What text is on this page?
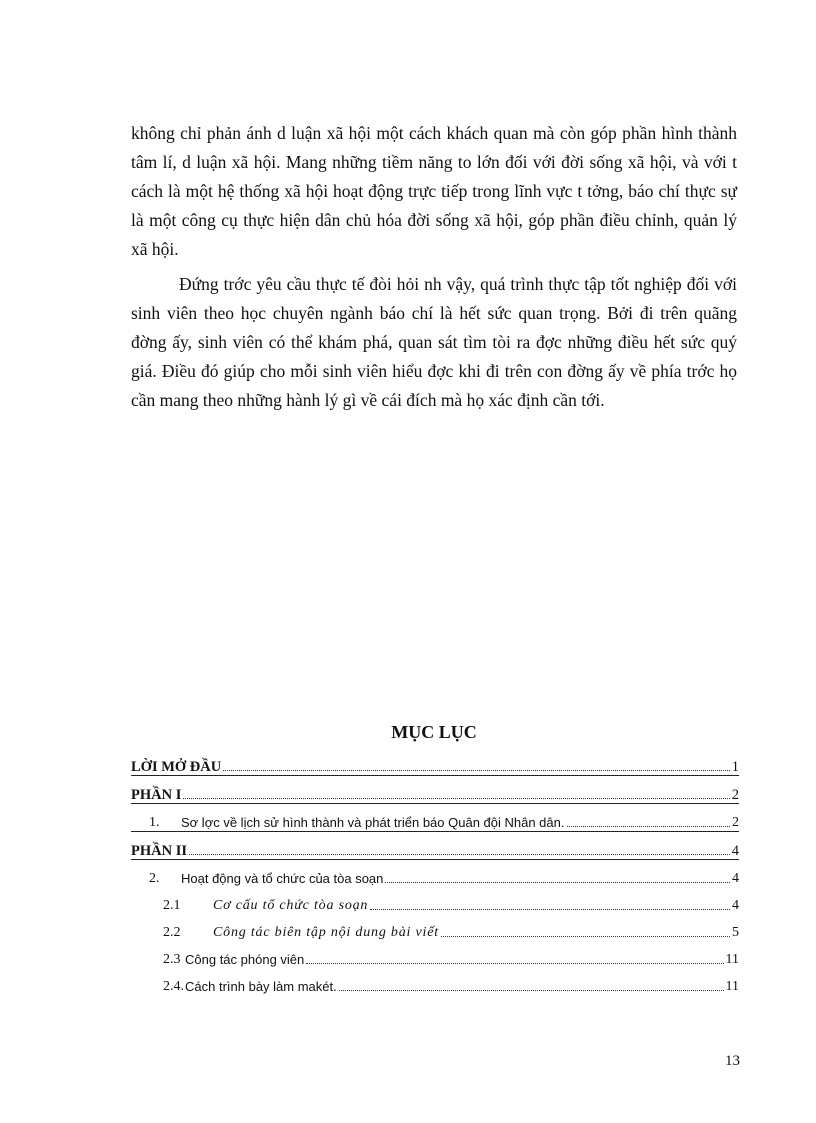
không chỉ phản ánh d luận xã hội một cách khách quan mà còn góp phần hình thành tâm lí, d luận xã hội. Mang những tiềm năng to lớn đối với đời sống xã hội, và với t cách là một hệ thống xã hội hoạt động trực tiếp trong lĩnh vực t tởng, báo chí thực sự là một công cụ thực hiện dân chủ hóa đời sống xã hội, góp phần điều chỉnh, quản lý xã hội.

Đứng trớc yêu cầu thực tế đòi hỏi nh vậy, quá trình thực tập tốt nghiệp đối với sinh viên theo học chuyên ngành báo chí là hết sức quan trọng. Bởi đi trên quãng đờng ấy, sinh viên có thể khám phá, quan sát tìm tòi ra đợc những điều hết sức quý giá. Điều đó giúp cho mỗi sinh viên hiểu đợc khi đi trên con đờng ấy về phía trớc họ cần mang theo những hành lý gì về cái đích mà họ xác định cần tới.

MỤC LỤC
LỜI MỞ ĐẦU	1
PHẦN I	2
1.	Sơ lợc về lịch sử hình thành và phát triển báo Quân đội Nhân dân.	2
PHẦN II	4
2.	Hoạt động và tổ chức của tòa soạn	4
2.1	Cơ cấu tổ chức tòa soạn	4
2.2	Công tác biên tập nội dung bài viết	5
2.3 Công tác phóng viên	11
2.4. Cách trình bày làm makét.	11
13
